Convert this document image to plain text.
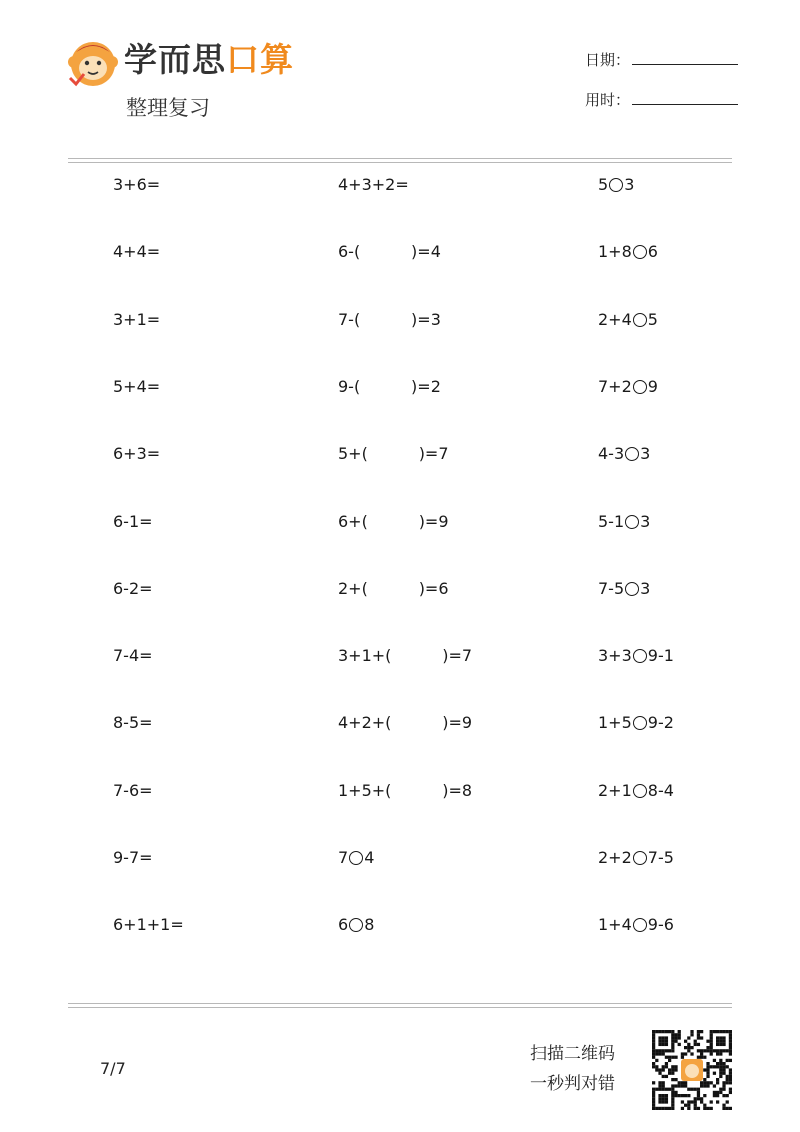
学而思口算
整理复习
日期：
用时：
3+6=	4+3+2=	5 3
4+4=	6-(          )=4	1+8 6
3+1=	7-(          )=3	2+4 5
5+4=	9-(          )=2	7+2 9
6+3=	5+(          )=7	4-3 3
6-1=	6+(          )=9	5-1 3
6-2=	2+(          )=6	7-5 3
7-4=	3+1+(          )=7	3+3 9-1
8-5=	4+2+(          )=9	1+5 9-2
7-6=	1+5+(          )=8	2+1 8-4
9-7=	7 4	2+2 7-5
6+1+1=	6 8	1+4 9-6
7/7
扫描二维码
一秒判对错
